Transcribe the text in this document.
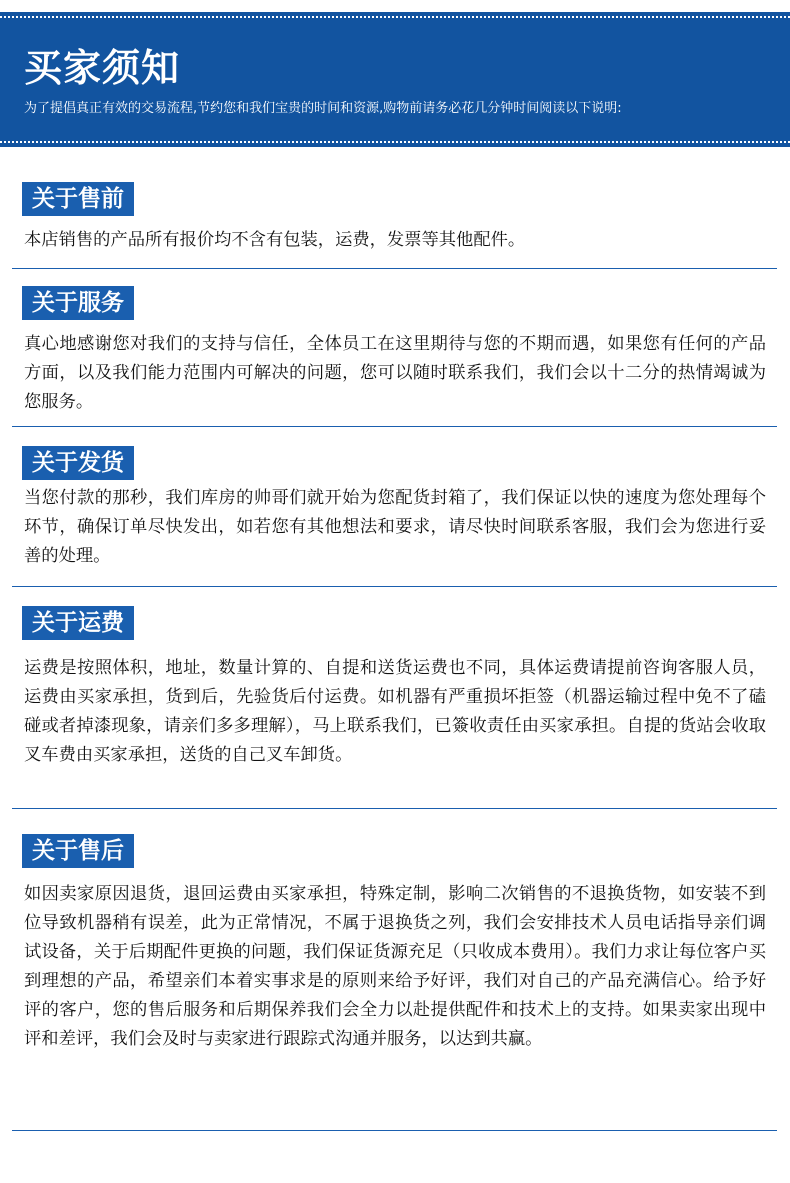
买家须知
为了提倡真正有效的交易流程,节约您和我们宝贵的时间和资源,购物前请务必花几分钟时间阅读以下说明:
关于售前
本店销售的产品所有报价均不含有包装，运费，发票等其他配件。
关于服务
真心地感谢您对我们的支持与信任，全体员工在这里期待与您的不期而遇，如果您有任何的产品方面，以及我们能力范围内可解决的问题，您可以随时联系我们，我们会以十二分的热情竭诚为您服务。
关于发货
当您付款的那秒，我们库房的帅哥们就开始为您配货封箱了，我们保证以快的速度为您处理每个环节，确保订单尽快发出，如若您有其他想法和要求，请尽快时间联系客服，我们会为您进行妥善的处理。
关于运费
运费是按照体积，地址，数量计算的、自提和送货运费也不同，具体运费请提前咨询客服人员，运费由买家承担，货到后，先验货后付运费。如机器有严重损坏拒签（机器运输过程中免不了磕碰或者掉漆现象，请亲们多多理解），马上联系我们，已簽收责任由买家承担。自提的货站会收取叉车费由买家承担，送货的自己叉车卸货。
关于售后
如因卖家原因退货，退回运费由买家承担，特殊定制，影响二次销售的不退换货物，如安装不到位导致机器稍有误差，此为正常情况，不属于退换货之列，我们会安排技术人员电话指导亲们调试设备，关于后期配件更换的问题，我们保证货源充足（只收成本费用）。我们力求让每位客户买到理想的产品，希望亲们本着实事求是的原则来给予好评，我们对自己的产品充满信心。给予好评的客户，您的售后服务和后期保养我们会全力以赴提供配件和技术上的支持。如果卖家出现中评和差评，我们会及时与卖家进行跟踪式沟通并服务，以达到共赢。
